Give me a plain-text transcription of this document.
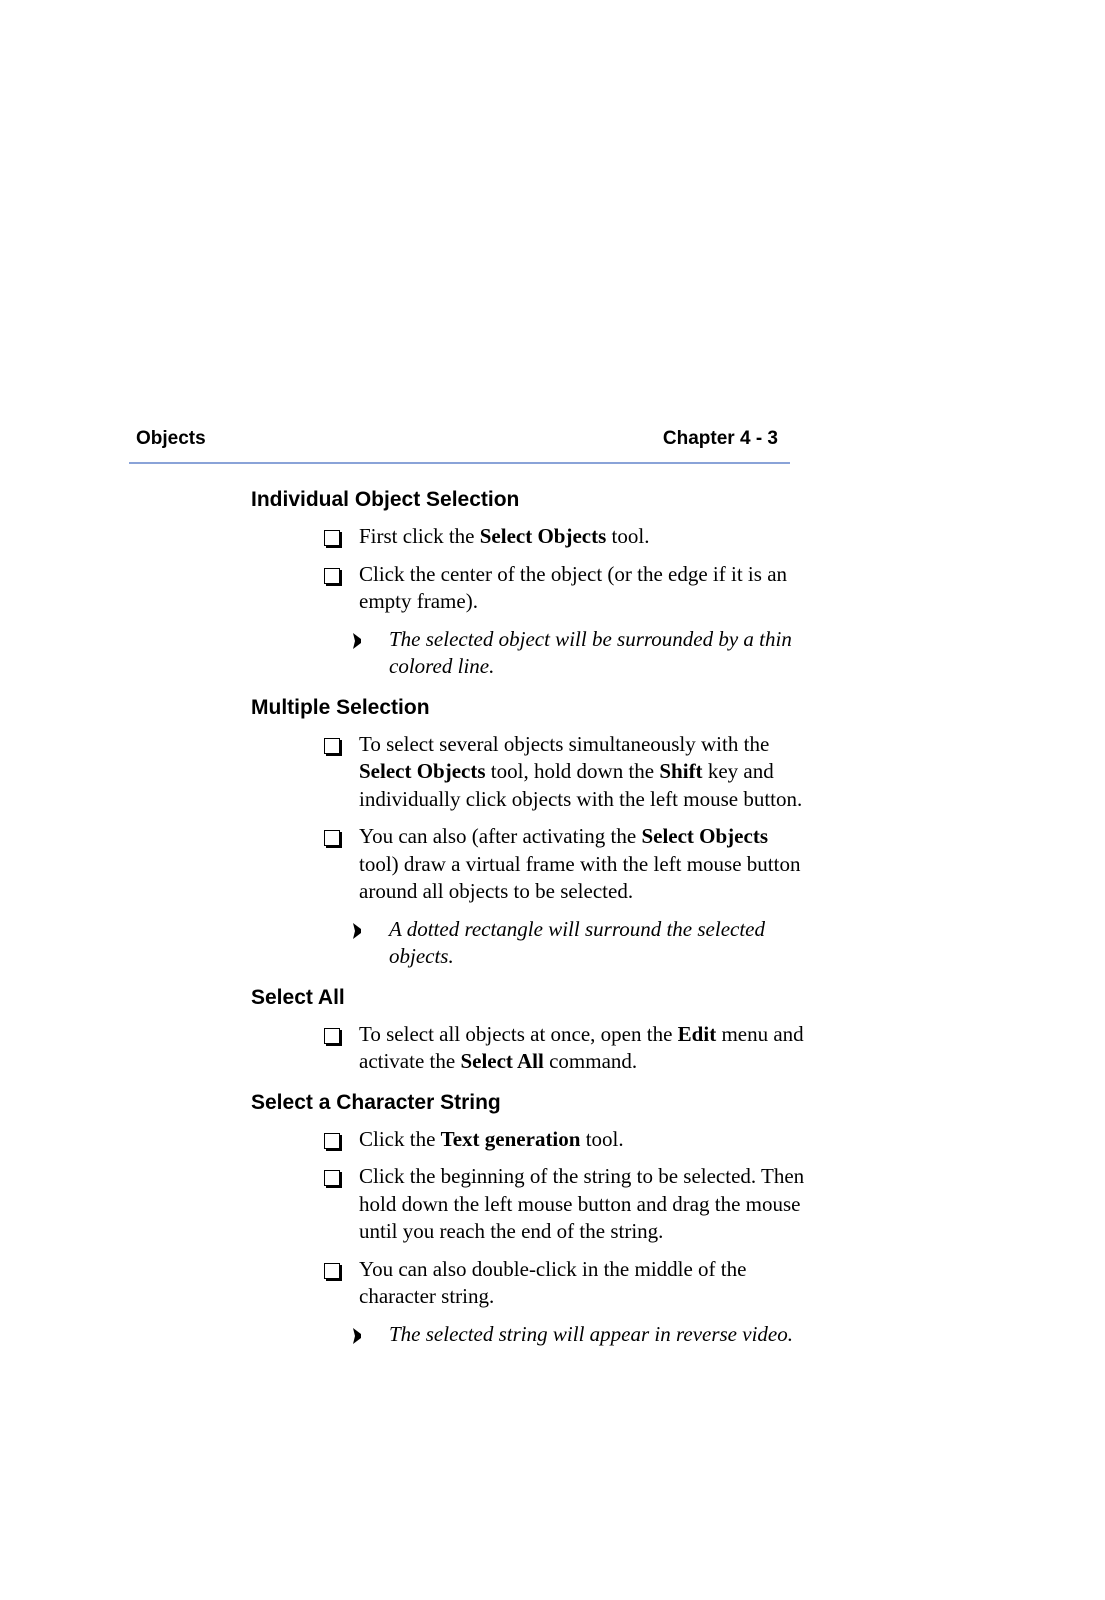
Objects	Chapter 4 - 3
Individual Object Selection
First click the Select Objects tool.
Click the center of the object (or the edge if it is an empty frame).
The selected object will be surrounded by a thin colored line.
Multiple Selection
To select several objects simultaneously with the Select Objects tool, hold down the Shift key and individually click objects with the left mouse button.
You can also (after activating the Select Objects tool) draw a virtual frame with the left mouse button around all objects to be selected.
A dotted rectangle will surround the selected objects.
Select All
To select all objects at once, open the Edit menu and activate the Select All command.
Select a Character String
Click the Text generation tool.
Click the beginning of the string to be selected. Then hold down the left mouse button and drag the mouse until you reach the end of the string.
You can also double-click in the middle of the character string.
The selected string will appear in reverse video.
